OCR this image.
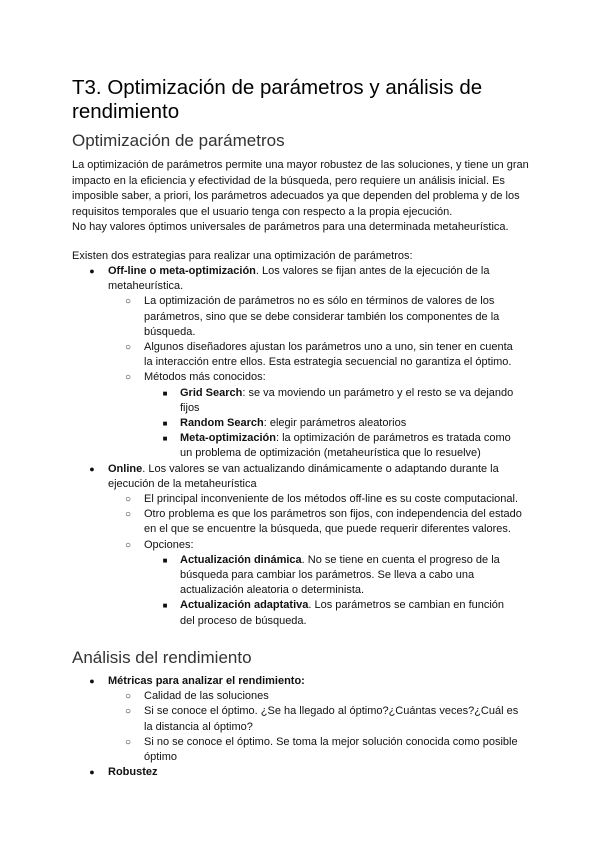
T3. Optimización de parámetros y análisis de rendimiento
Optimización de parámetros

La optimización de parámetros permite una mayor robustez de las soluciones, y tiene un gran impacto en la eficiencia y efectividad de la búsqueda, pero requiere un análisis inicial. Es imposible saber, a priori, los parámetros adecuados ya que dependen del problema y de los requisitos temporales que el usuario tenga con respecto a la propia ejecución.

No hay valores óptimos universales de parámetros para una determinada metaheurística.

Existen dos estrategias para realizar una optimización de parámetros:

● Off-line o meta-optimización. Los valores se fijan antes de la ejecución de la metaheurística.
○ La optimización de parámetros no es sólo en términos de valores de los parámetros, sino que se debe considerar también los componentes de la búsqueda.
○ Algunos diseñadores ajustan los parámetros uno a uno, sin tener en cuenta la interacción entre ellos. Esta estrategia secuencial no garantiza el óptimo.
○ Métodos más conocidos:
■	Grid Search: se va moviendo un parámetro y el resto se va dejando fijos
■	Random Search: elegir parámetros aleatorios
■	Meta-optimización: la optimización de parámetros es tratada como un problema de optimización (metaheurística que lo resuelve)
● Online. Los valores se van actualizando dinámicamente o adaptando durante la ejecución de la metaheurística
○ El principal inconveniente de los métodos off-line es su coste computacional.
○ Otro problema es que los parámetros son fijos, con independencia del estado en el que se encuentre la búsqueda, que puede requerir diferentes valores.
○ Opciones:
■	Actualización dinámica. No se tiene en cuenta el progreso de la búsqueda para cambiar los parámetros. Se lleva a cabo una actualización aleatoria o determinista.
■	Actualización adaptativa. Los parámetros se cambian en función del proceso de búsqueda.
Análisis del rendimiento
● Métricas para analizar el rendimiento:
○ Calidad de las soluciones
○ Si se conoce el óptimo. ¿Se ha llegado al óptimo?¿Cuántas veces?¿Cuál es la distancia al óptimo?
○ Si no se conoce el óptimo. Se toma la mejor solución conocida como posible óptimo
● Robustez
